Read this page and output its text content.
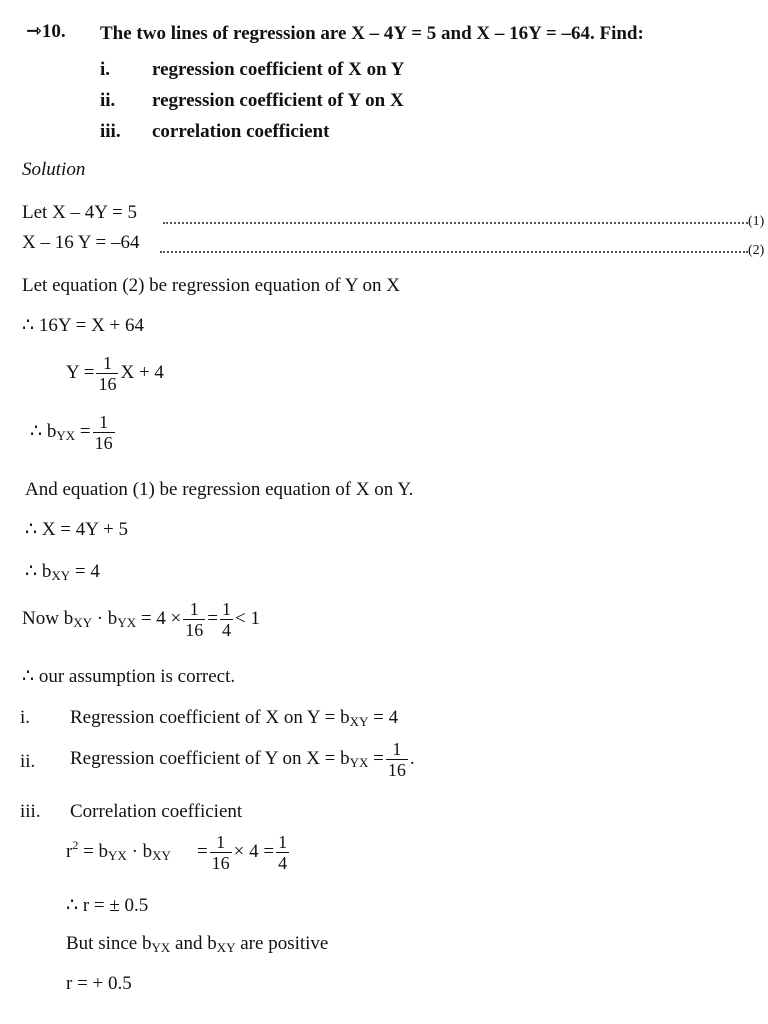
⇾10. The two lines of regression are X – 4Y = 5 and X – 16Y = –64. Find:
i. regression coefficient of X on Y
ii. regression coefficient of Y on X
iii. correlation coefficient
Solution
Let X – 4Y = 5	(1)
X – 16 Y = –64	(2)
Let equation (2) be regression equation of Y on X
∴ 16Y = X + 64
$Y = \frac{1}{16}$ X + 4
∴ $b_{YX} = \frac{1}{16}$
And equation (1) be regression equation of X on Y.
∴ X = 4Y + 5
∴ $b_{XY} = 4$
Now $b_{XY} \cdot b_{YX} = 4 \times \frac{1}{16} = \frac{1}{4} < 1$
∴ our assumption is correct.
i. Regression coefficient of X on $Y = b_{XY} = 4$
ii. Regression coefficient of Y on $X = b_{YX} = \frac{1}{16}$ .
iii. Correlation coefficient
$r^2 = b_{YX} \cdot b_{XY} = \frac{1}{16} \times 4 = \frac{1}{4}$
∴ r = ± 0.5
But since $b_{YX}$ and $b_{XY}$ are positive
r = + 0.5
